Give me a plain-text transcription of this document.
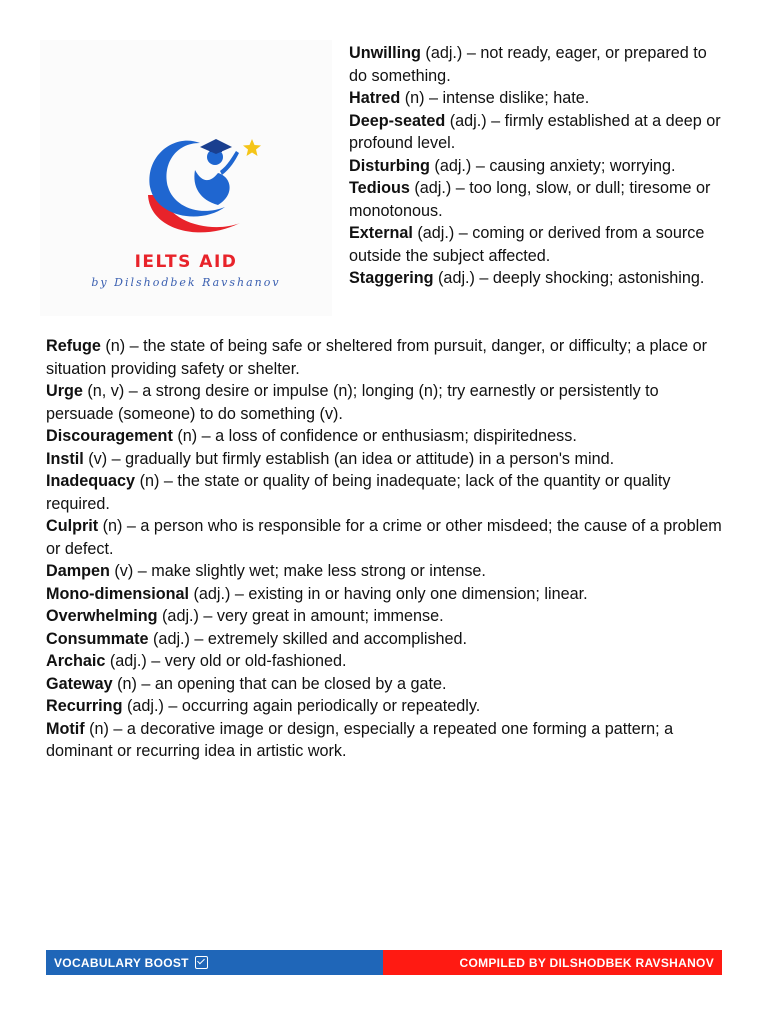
IELTS AID
by Dilshodbek Ravshanov

Unwilling (adj.) – not ready, eager, or prepared to do something.

Hatred (n) – intense dislike; hate.

Deep-seated (adj.) – firmly established at a deep or profound level.

Disturbing (adj.) – causing anxiety; worrying.

Tedious (adj.) – too long, slow, or dull; tiresome or monotonous.

External (adj.) – coming or derived from a source outside the subject affected.

Staggering (adj.) – deeply shocking; astonishing.

Refuge (n) – the state of being safe or sheltered from pursuit, danger, or difficulty; a place or situation providing safety or shelter.

Urge (n, v) – a strong desire or impulse (n); longing (n); try earnestly or persistently to persuade (someone) to do something (v).

Discouragement (n) – a loss of confidence or enthusiasm; dispiritedness.

Instil (v) – gradually but firmly establish (an idea or attitude) in a person's mind.

Inadequacy (n) – the state or quality of being inadequate; lack of the quantity or quality required.

Culprit (n) – a person who is responsible for a crime or other misdeed; the cause of a problem or defect.

Dampen (v) – make slightly wet; make less strong or intense.

Mono-dimensional (adj.) – existing in or having only one dimension; linear.

Overwhelming (adj.) – very great in amount; immense.

Consummate (adj.) – extremely skilled and accomplished.

Archaic (adj.) – very old or old-fashioned.

Gateway (n) – an opening that can be closed by a gate.

Recurring (adj.) – occurring again periodically or repeatedly.

Motif (n) – a decorative image or design, especially a repeated one forming a pattern; a dominant or recurring idea in artistic work.

VOCABULARY BOOST	COMPILED BY DILSHODBEK RAVSHANOV
